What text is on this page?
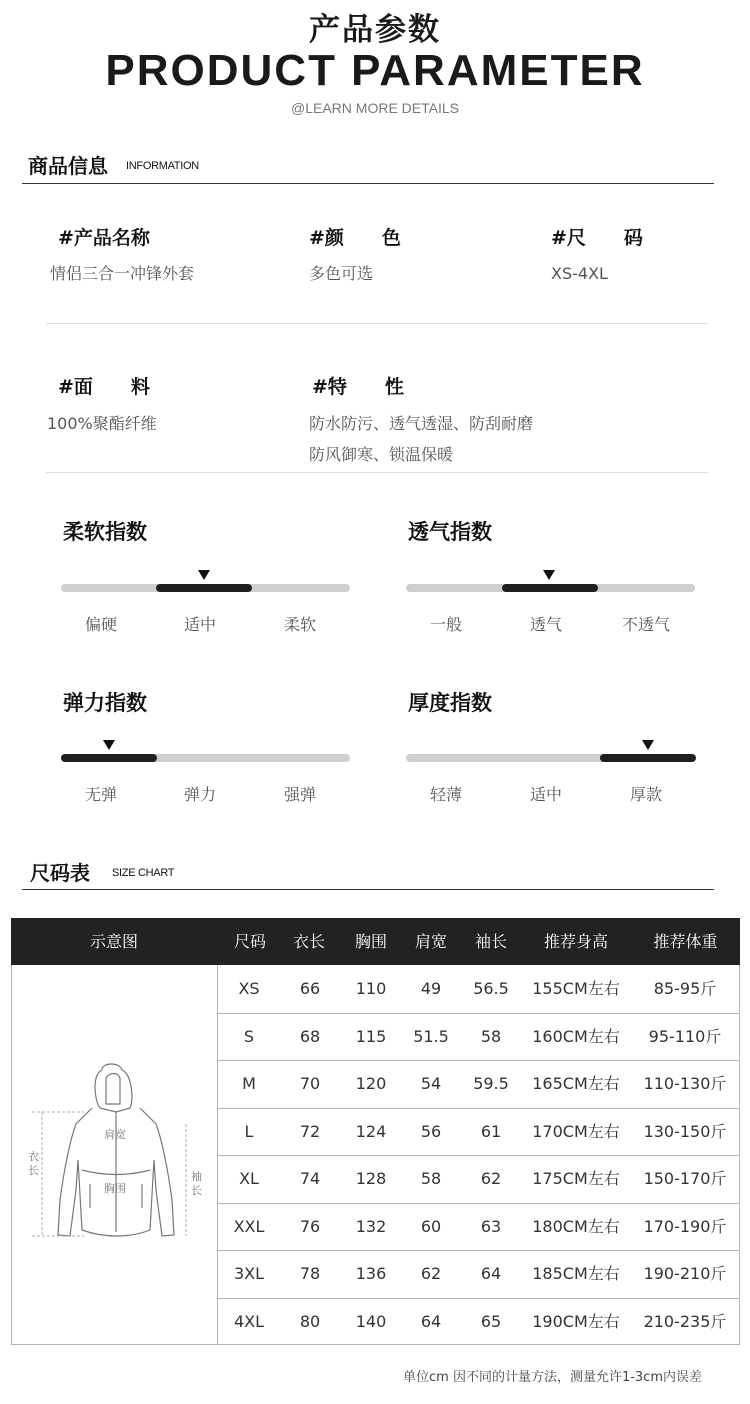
产品参数
PRODUCT PARAMETER
@LEARN MORE DETAILS
商品信息 INFORMATION
#产品名称
情侣三合一冲锋外套
#颜　　色
多色可选
#尺　　码
XS-4XL
#面　　料
100%聚酯纤维
#特　　性
防水防污、透气透湿、防刮耐磨
防风御寒、锁温保暖
柔软指数
偏硬	适中	柔软
透气指数
一般	透气	不透气
弹力指数
无弹	弹力	强弹
厚度指数
轻薄	适中	厚款
尺码表 SIZE CHART
示意图	尺码	衣长	胸围	肩宽	袖长	推荐身高	推荐体重
XS	66	110	49	56.5	155CM左右	85-95斤
S	68	115	51.5	58	160CM左右	95-110斤
M	70	120	54	59.5	165CM左右	110-130斤
L	72	124	56	61	170CM左右	130-150斤
XL	74	128	58	62	175CM左右	150-170斤
XXL	76	132	60	63	180CM左右	170-190斤
3XL	78	136	62	64	185CM左右	190-210斤
4XL	80	140	64	65	190CM左右	210-235斤
衣长
肩宽
胸围
袖长
单位cm 因不同的计量方法，测量允许1-3cm内误差
